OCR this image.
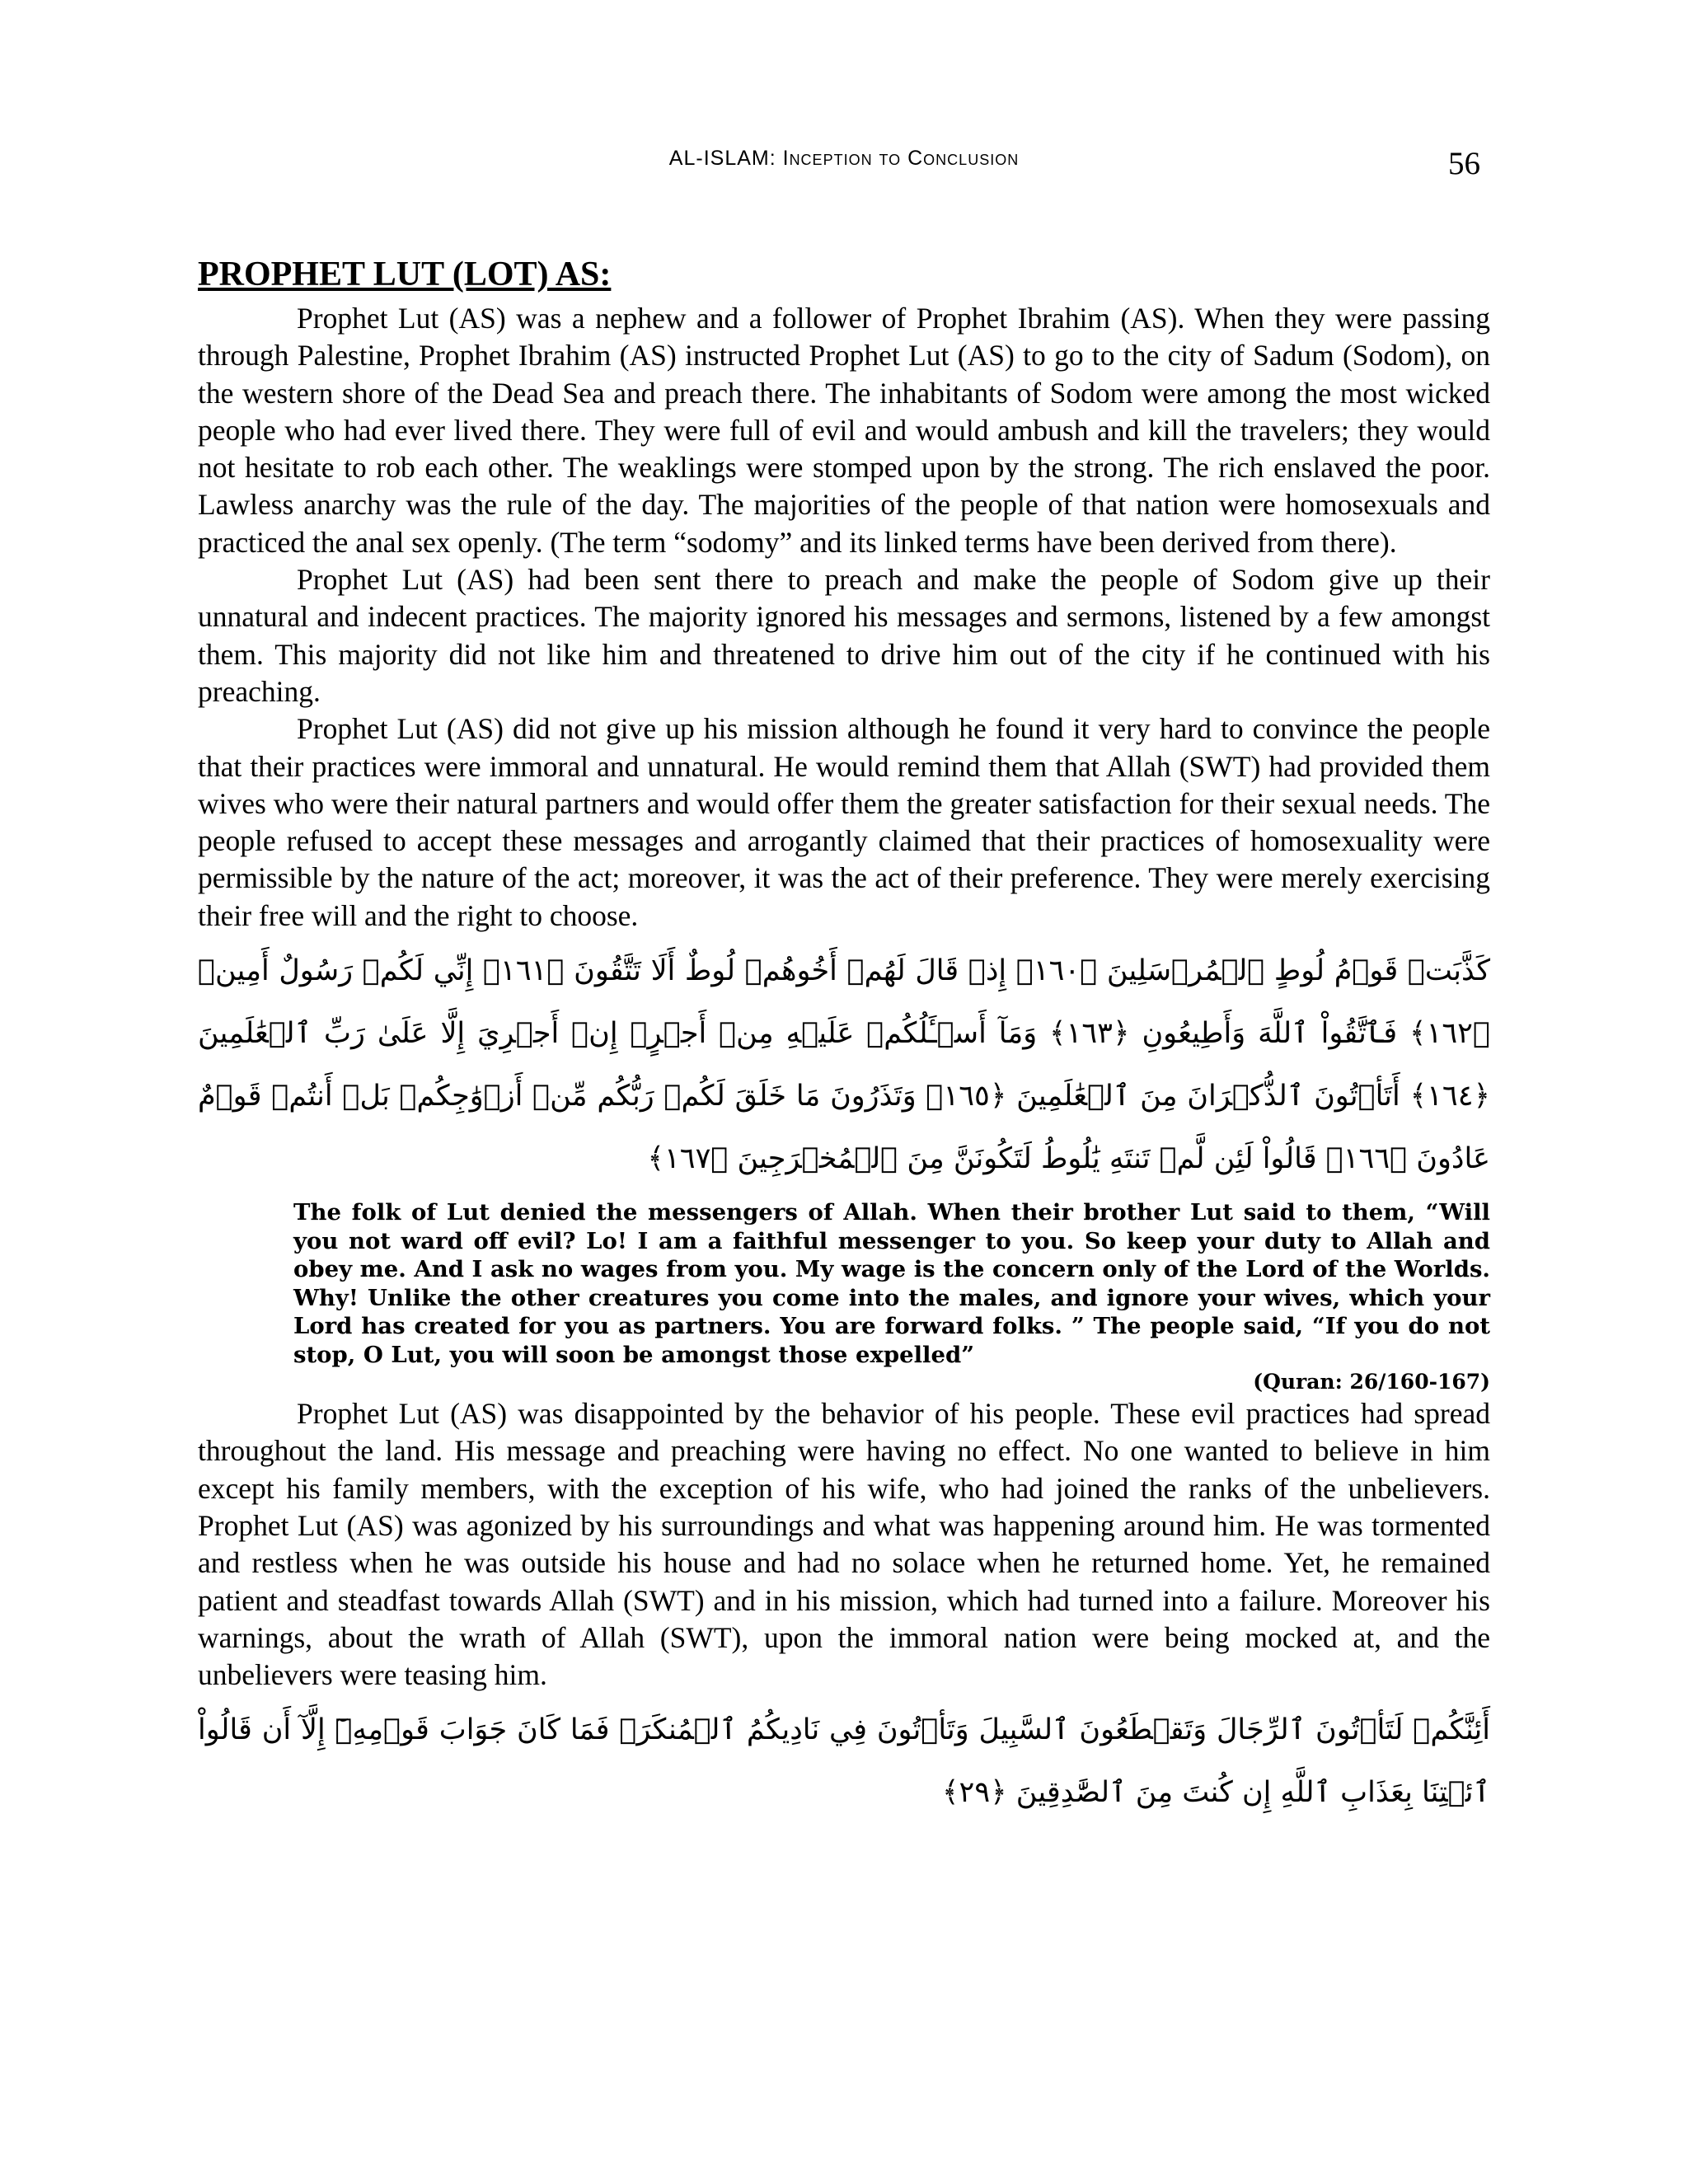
AL-ISLAM: Inception to Conclusion	56
PROPHET LUT (LOT) AS:

Prophet Lut (AS) was a nephew and a follower of Prophet Ibrahim (AS). When they were passing through Palestine, Prophet Ibrahim (AS) instructed Prophet Lut (AS) to go to the city of Sadum (Sodom), on the western shore of the Dead Sea and preach there. The inhabitants of Sodom were among the most wicked people who had ever lived there. They were full of evil and would ambush and kill the travelers; they would not hesitate to rob each other. The weaklings were stomped upon by the strong. The rich enslaved the poor. Lawless anarchy was the rule of the day. The majorities of the people of that nation were homosexuals and practiced the anal sex openly. (The term “sodomy” and its linked terms have been derived from there).

Prophet Lut (AS) had been sent there to preach and make the people of Sodom give up their unnatural and indecent practices. The majority ignored his messages and sermons, listened by a few amongst them. This majority did not like him and threatened to drive him out of the city if he continued with his preaching.

Prophet Lut (AS) did not give up his mission although he found it very hard to convince the people that their practices were immoral and unnatural. He would remind them that Allah (SWT) had provided them wives who were their natural partners and would offer them the greater satisfaction for their sexual needs. The people refused to accept these messages and arrogantly claimed that their practices of homosexuality were permissible by the nature of the act; moreover, it was the act of their preference. They were merely exercising their free will and the right to choose.

كَذَّبَتۡ قَوۡمُ لُوطٍ ٱلۡمُرۡسَلِينَ ﴿١٦٠﴾ إِذۡ قَالَ لَهُمۡ أَخُوهُمۡ لُوطٌ أَلَا تَتَّقُونَ ﴿١٦١﴾ إِنِّي لَكُمۡ رَسُولٌ أَمِينٞ ﴿١٦٢﴾ فَٱتَّقُواْ ٱللَّهَ وَأَطِيعُونِ ﴿١٦٣﴾ وَمَآ أَسۡـَٔلُكُمۡ عَلَيۡهِ مِنۡ أَجۡرٍۖ إِنۡ أَجۡرِيَ إِلَّا عَلَىٰ رَبِّ ٱلۡعَٰلَمِينَ ﴿١٦٤﴾ أَتَأۡتُونَ ٱلذُّكۡرَانَ مِنَ ٱلۡعَٰلَمِينَ ﴿١٦٥﴾ وَتَذَرُونَ مَا خَلَقَ لَكُمۡ رَبُّكُم مِّنۡ أَزۡوَٰجِكُمۚ بَلۡ أَنتُمۡ قَوۡمٌ عَادُونَ ﴿١٦٦﴾ قَالُواْ لَئِن لَّمۡ تَنتَهِ يَٰلُوطُ لَتَكُونَنَّ مِنَ ٱلۡمُخۡرَجِينَ ﴿١٦٧﴾
The folk of Lut denied the messengers of Allah. When their brother Lut said to them, “Will you not ward off evil? Lo! I am a faithful messenger to you. So keep your duty to Allah and obey me. And I ask no wages from you. My wage is the concern only of the Lord of the Worlds. Why! Unlike the other creatures you come into the males, and ignore your wives, which your Lord has created for you as partners. You are forward folks. ” The people said, “If you do not stop, O Lut, you will soon be amongst those expelled”
(Quran: 26/160-167)

Prophet Lut (AS) was disappointed by the behavior of his people. These evil practices had spread throughout the land. His message and preaching were having no effect. No one wanted to believe in him except his family members, with the exception of his wife, who had joined the ranks of the unbelievers. Prophet Lut (AS) was agonized by his surroundings and what was happening around him. He was tormented and restless when he was outside his house and had no solace when he returned home. Yet, he remained patient and steadfast towards Allah (SWT) and in his mission, which had turned into a failure. Moreover his warnings, about the wrath of Allah (SWT), upon the immoral nation were being mocked at, and the unbelievers were teasing him.

أَئِنَّكُمۡ لَتَأۡتُونَ ٱلرِّجَالَ وَتَقۡطَعُونَ ٱلسَّبِيلَ وَتَأۡتُونَ فِي نَادِيكُمُ ٱلۡمُنكَرَۖ فَمَا كَانَ جَوَابَ قَوۡمِهِۦٓ إِلَّآ أَن قَالُواْ ٱئۡتِنَا بِعَذَابِ ٱللَّهِ إِن كُنتَ مِنَ ٱلصَّٰدِقِينَ ﴿٢٩﴾
